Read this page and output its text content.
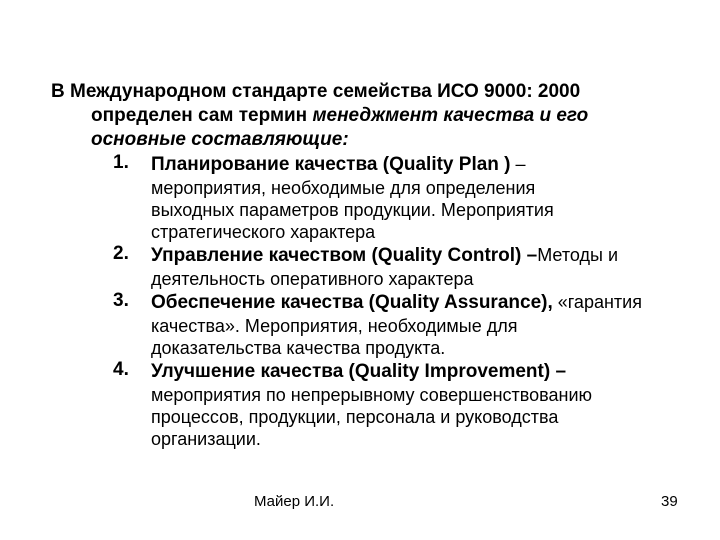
В Международном стандарте семейства ИСО 9000: 2000
определен сам термин менеджмент качества и его
основные составляющие:
1. Планирование качества (Quality Plan ) –
мероприятия, необходимые для определения
выходных параметров продукции. Мероприятия
стратегического характера
2. Управление качеством (Quality Control) –Методы и
деятельность оперативного характера
3. Обеспечение качества (Quality Assurance), «гарантия
качества». Мероприятия, необходимые для
доказательства качества продукта.
4. Улучшение качества (Quality Improvement) –
мероприятия по непрерывному совершенствованию
процессов, продукции, персонала и руководства
организации.
Майер И.И.	39
